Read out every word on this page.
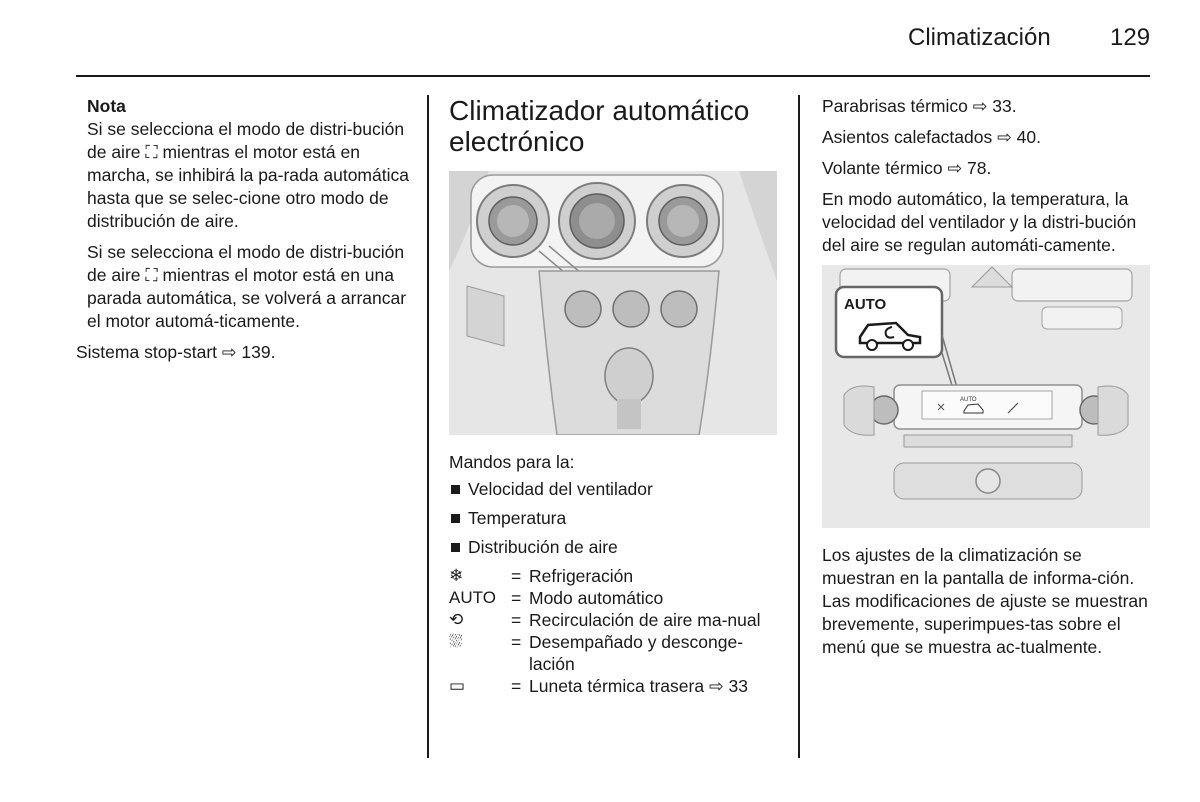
Climatización 129
Nota

Si se selecciona el modo de distri-bución de aire ⛶ mientras el motor está en marcha, se inhibirá la pa-rada automática hasta que se selec-cione otro modo de distribución de aire.

Si se selecciona el modo de distri-bución de aire ⛶ mientras el motor está en una parada automática, se volverá a arrancar el motor automá-ticamente.

Sistema stop-start ⇨ 139.
Climatizador automático electrónico
Mandos para la:
Velocidad del ventilador
Temperatura
Distribución de aire
❄	= Refrigeración
AUTO = Modo automático
⟲	= Recirculación de aire ma-nual
⛆	= Desempañado y desconge-lación
▭	= Luneta térmica trasera ⇨ 33

Parabrisas térmico ⇨ 33.

Asientos calefactados ⇨ 40.

Volante térmico ⇨ 78.

En modo automático, la temperatura, la velocidad del ventilador y la distri-bución del aire se regulan automáti-camente.

AUTO
AUTO

Los ajustes de la climatización se muestran en la pantalla de informa-ción. Las modificaciones de ajuste se muestran brevemente, superimpues-tas sobre el menú que se muestra ac-tualmente.
